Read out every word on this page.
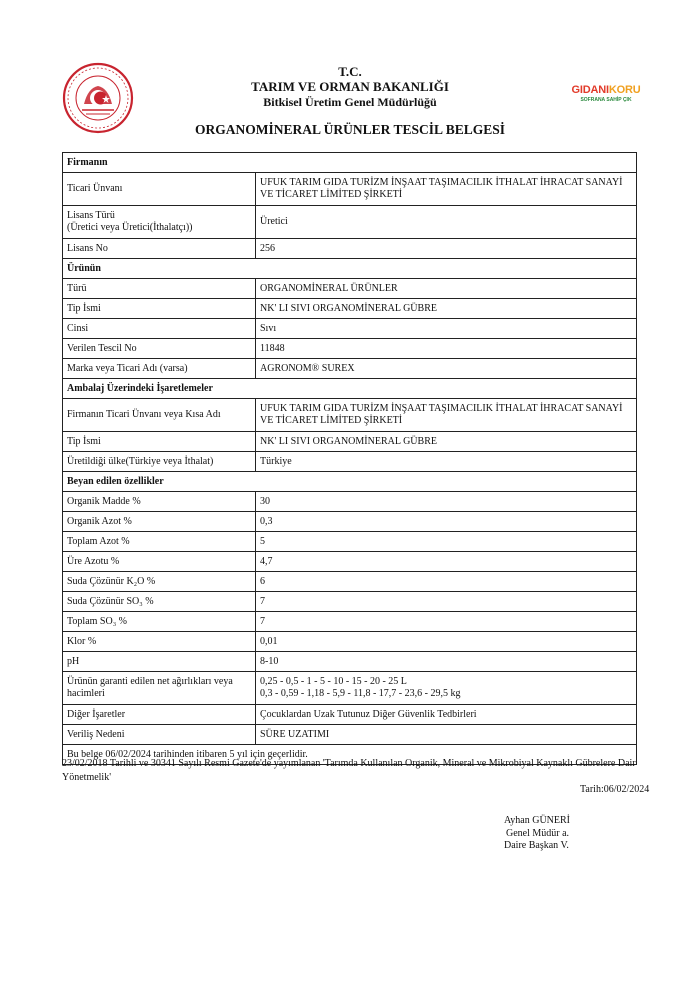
T.C.
TARIM VE ORMAN BAKANLIĞI
Bitkisel Üretim Genel Müdürlüğü
GIDANIKORU
SOFRANA SAHİP ÇIK
ORGANOMİNERAL ÜRÜNLER TESCİL BELGESİ
Firmanın	
Ticari Ünvanı	UFUK TARIM GIDA TURİZM İNŞAAT TAŞIMACILIK İTHALAT İHRACAT SANAYİ VE TİCARET LİMİTED ŞİRKETİ
Lisans Türü
(Üretici veya Üretici(İthalatçı))	Üretici
Lisans No	256
Ürünün	
Türü	ORGANOMİNERAL ÜRÜNLER
Tip İsmi	NK' LI SIVI ORGANOMİNERAL GÜBRE
Cinsi	Sıvı
Verilen Tescil No	11848
Marka veya Ticari Adı (varsa)	AGRONOM® SUREX
Ambalaj Üzerindeki İşaretlemeler	
Firmanın Ticari Ünvanı veya Kısa Adı	UFUK TARIM GIDA TURİZM İNŞAAT TAŞIMACILIK İTHALAT İHRACAT SANAYİ VE TİCARET LİMİTED ŞİRKETİ
Tip İsmi	NK' LI SIVI ORGANOMİNERAL GÜBRE
Üretildiği ülke(Türkiye veya İthalat)	Türkiye
Beyan edilen özellikler	
Organik Madde %	30
Organik Azot %	0,3
Toplam Azot %	5
Üre Azotu %	4,7
Suda Çözünür K₂O %	6
Suda Çözünür SO₃ %	7
Toplam SO₃ %	7
Klor %	0,01
pH	8-10
Ürünün garanti edilen net ağırlıkları veya hacimleri	0,25 - 0,5 - 1 - 5 - 10 - 15 - 20 - 25 L
0,3 - 0,59 - 1,18 - 5,9 - 11,8 - 17,7 - 23,6 - 29,5 kg
Diğer İşaretler	Çocuklardan Uzak Tutunuz Diğer Güvenlik Tedbirleri
Veriliş Nedeni	SÜRE UZATIMI
Bu belge 06/02/2024 tarihinden itibaren 5 yıl için geçerlidir.	
23/02/2018 Tarihli ve 30341 Sayılı Resmi Gazete'de yayımlanan 'Tarımda Kullanılan Organik, Mineral ve Mikrobiyal Kaynaklı Gübrelere Dair Yönetmelik'
Tarih:06/02/2024
Ayhan GÜNERİ
Genel Müdür a.
Daire Başkan V.
